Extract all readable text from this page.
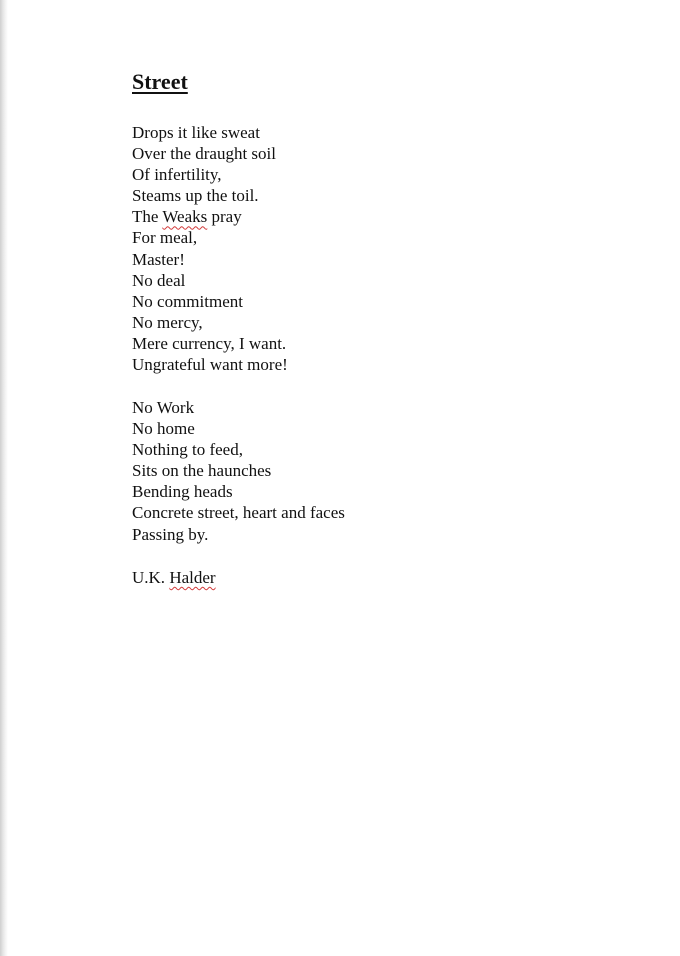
Street
Drops it like sweat
Over the draught soil
Of infertility,
Steams up the toil.
The Weaks pray
For meal,
Master!
No deal
No commitment
No mercy,
Mere currency, I want.
Ungrateful want more!
No Work
No home
Nothing to feed,
Sits on the haunches
Bending heads
Concrete street, heart and faces
Passing by.
U.K. Halder
